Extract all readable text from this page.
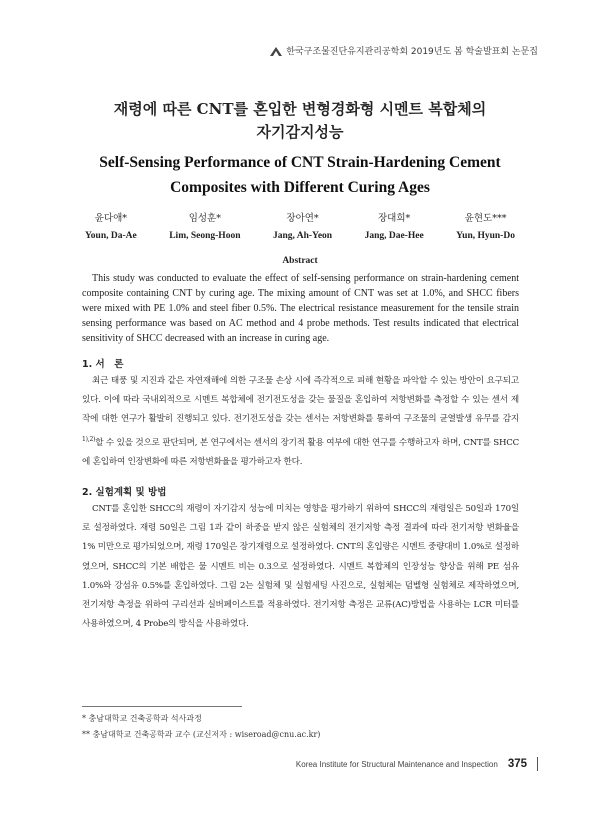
한국구조물진단유지관리공학회 2019년도 봄 학술발표회 논문집
재령에 따른 CNT를 혼입한 변형경화형 시멘트 복합체의
자기감지성능
Self-Sensing Performance of CNT Strain-Hardening Cement
Composites with Different Curing Ages
윤다애*
Youn, Da-Ae
임성훈*
Lim, Seong-Hoon
장아연*
Jang, Ah-Yeon
장대희*
Jang, Dae-Hee
윤현도***
Yun, Hyun-Do
Abstract

This study was conducted to evaluate the effect of self-sensing performance on strain-hardening cement composite containing CNT by curing age. The mixing amount of CNT was set at 1.0%, and SHCC fibers were mixed with PE 1.0% and steel fiber 0.5%. The electrical resistance measurement for the tensile strain sensing performance was based on AC method and 4 probe methods. Test results indicated that electrical sensitivity of SHCC decreased with an increase in curing age.

1. 서　론

최근 태풍 및 지진과 같은 자연재해에 의한 구조물 손상 시에 즉각적으로 피해 현황을 파악할 수 있는 방안이 요구되고 있다. 이에 따라 국내외적으로 시멘트 복합체에 전기전도성을 갖는 물질을 혼입하여 저항변화를 측정할 수 있는 센서 제작에 대한 연구가 활발히 진행되고 있다. 전기전도성을 갖는 센서는 저항변화를 통하여 구조물의 균열발생 유무를 감지$^{1),2)}$할 수 있을 것으로 판단되며, 본 연구에서는 센서의 장기적 활용 여부에 대한 연구를 수행하고자 하며, CNT를 SHCC에 혼입하여 인장변화에 따른 저항변화율을 평가하고자 한다.

2. 실험계획 및 방법

CNT를 혼입한 SHCC의 재령이 자기감지 성능에 미치는 영향을 평가하기 위하여 SHCC의 재령일은 50일과 170일로 설정하였다. 재령 50일은 그림 1과 같이 하중을 받지 않은 실험체의 전기저항 측정 결과에 따라 전기저항 변화율을 1% 미만으로 평가되었으며, 재령 170일은 장기재령으로 설정하였다. CNT의 혼입량은 시멘트 중량대비 1.0%로 설정하였으며, SHCC의 기본 배합은 물 시멘트 비는 0.3으로 설정하였다. 시멘트 복합체의 인장성능 향상을 위해 PE 섬유 1.0%와 강섬유 0.5%를 혼입하였다. 그림 2는 실험체 및 실험세팅 사진으로, 실험체는 덤벨형 실험체로 제작하였으며, 전기저항 측정을 위하여 구리선과 실버페이스트를 적용하였다. 전기저항 측정은 교류(AC)방법을 사용하는 LCR 미터를 사용하였으며, 4 Probe의 방식을 사용하였다.

* 충남대학교 건축공학과 석사과정
** 충남대학교 건축공학과 교수 (교신저자 : wiseroad@cnu.ac.kr)
Korea Institute for Structural Maintenance and Inspection 375
